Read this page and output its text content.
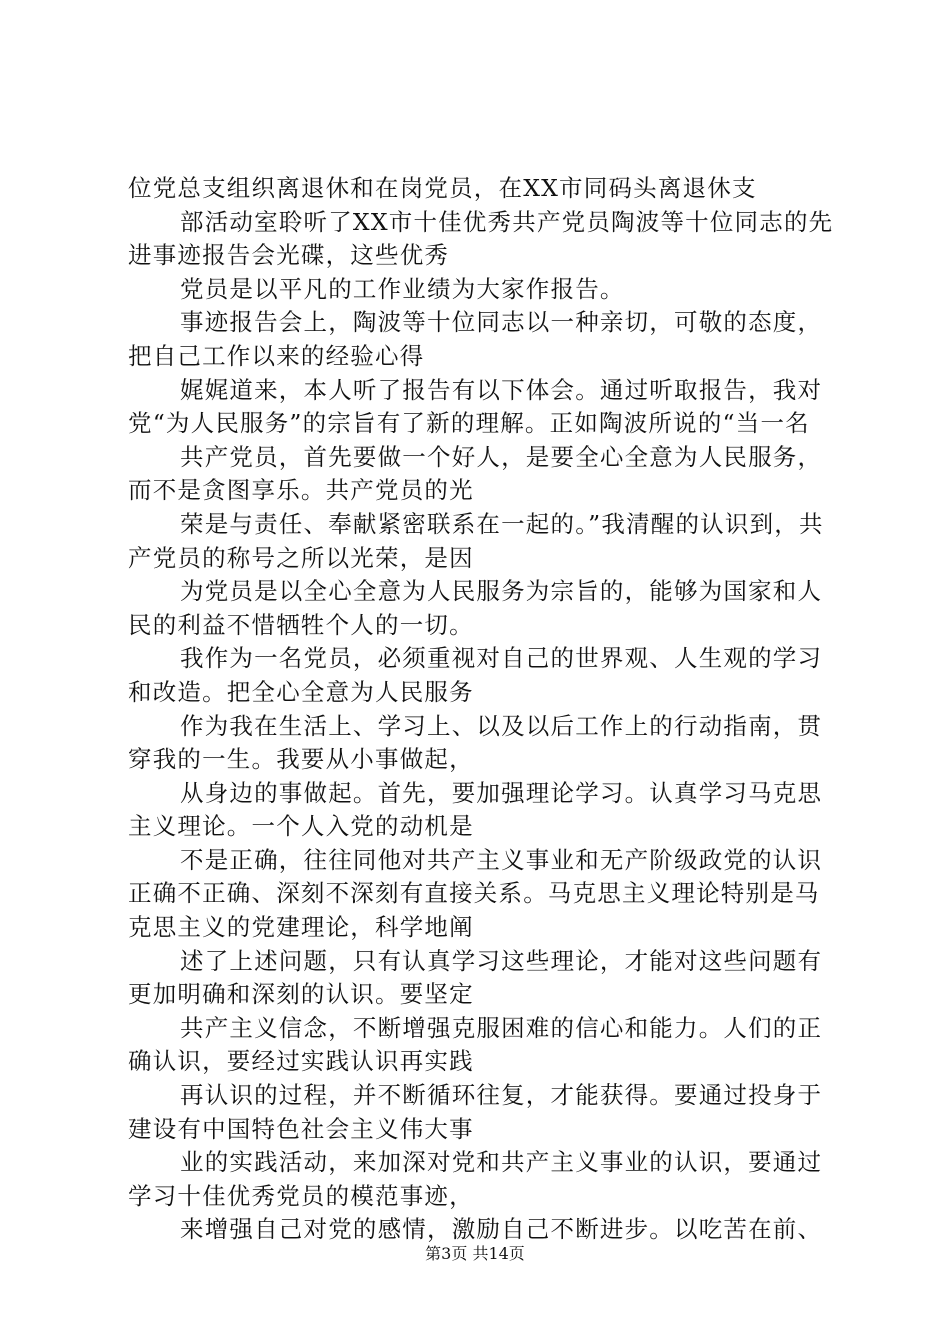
位党总支组织离退休和在岗党员，在XX市同码头离退休支

部活动室聆听了XX市十佳优秀共产党员陶波等十位同志的先进事迹报告会光碟，这些优秀

党员是以平凡的工作业绩为大家作报告。

事迹报告会上，陶波等十位同志以一种亲切，可敬的态度，把自己工作以来的经验心得

娓娓道来，本人听了报告有以下体会。通过听取报告，我对党“为人民服务”的宗旨有了新的理解。正如陶波所说的“当一名

共产党员，首先要做一个好人，是要全心全意为人民服务，而不是贪图享乐。共产党员的光

荣是与责任、奉献紧密联系在一起的。”我清醒的认识到，共产党员的称号之所以光荣，是因

为党员是以全心全意为人民服务为宗旨的，能够为国家和人民的利益不惜牺牲个人的一切。

我作为一名党员，必须重视对自己的世界观、人生观的学习和改造。把全心全意为人民服务

作为我在生活上、学习上、以及以后工作上的行动指南，贯穿我的一生。我要从小事做起，

从身边的事做起。首先，要加强理论学习。认真学习马克思主义理论。一个人入党的动机是

不是正确，往往同他对共产主义事业和无产阶级政党的认识正确不正确、深刻不深刻有直接关系。马克思主义理论特别是马克思主义的党建理论，科学地阐

述了上述问题，只有认真学习这些理论，才能对这些问题有更加明确和深刻的认识。要坚定

共产主义信念，不断增强克服困难的信心和能力。人们的正确认识，要经过实践认识再实践

再认识的过程，并不断循环往复，才能获得。要通过投身于建设有中国特色社会主义伟大事

业的实践活动，来加深对党和共产主义事业的认识，要通过学习十佳优秀党员的模范事迹，

来增强自己对党的感情，激励自己不断进步。以吃苦在前、

第3页 共14页
